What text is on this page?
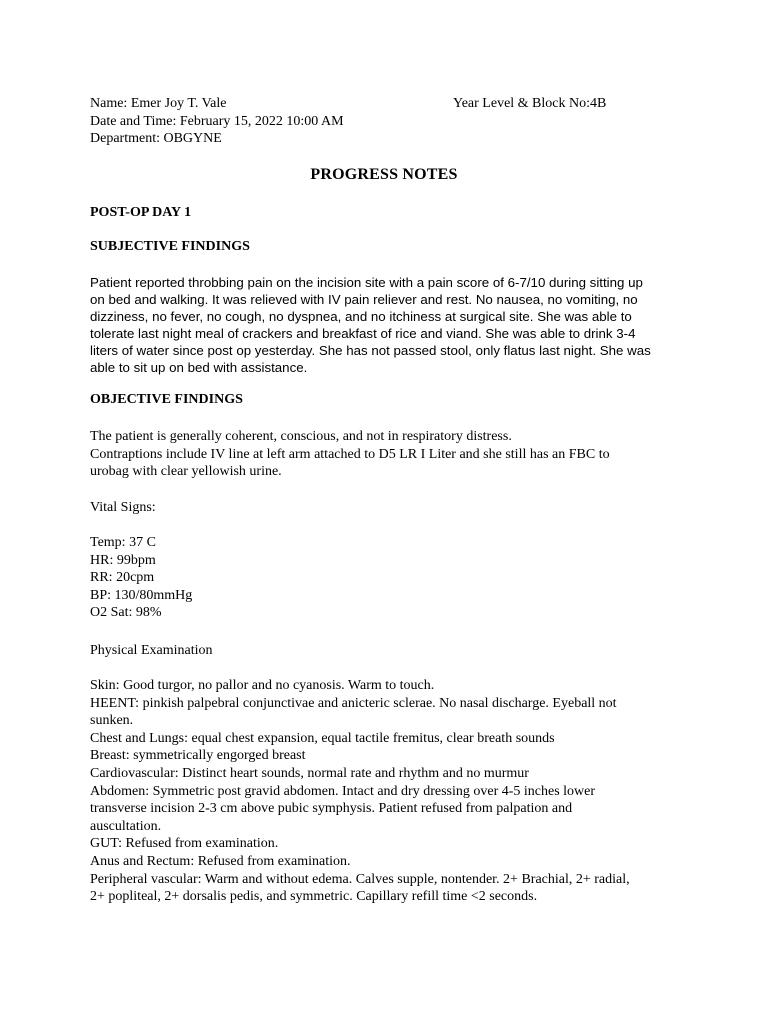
Name: Emer Joy T. Vale
Date and Time: February 15, 2022 10:00 AM
Department: OBGYNE
Year Level & Block No:4B
PROGRESS NOTES
POST-OP DAY 1
SUBJECTIVE FINDINGS
Patient reported throbbing pain on the incision site with a pain score of 6-7/10 during sitting up
on bed and walking. It was relieved with IV pain reliever and rest. No nausea, no vomiting, no
dizziness, no fever, no cough, no dyspnea, and no itchiness at surgical site. She was able to
tolerate last night meal of crackers and breakfast of rice and viand. She was able to drink 3-4
liters of water since post op yesterday. She has not passed stool, only flatus last night. She was
able to sit up on bed with assistance.
OBJECTIVE FINDINGS
The patient is generally coherent, conscious, and not in respiratory distress.
Contraptions include IV line at left arm attached to D5 LR I Liter and she still has an FBC to
urobag with clear yellowish urine.
Vital Signs:
Temp: 37 C
HR: 99bpm
RR: 20cpm
BP: 130/80mmHg
O2 Sat: 98%
Physical Examination
Skin: Good turgor, no pallor and no cyanosis. Warm to touch.
HEENT: pinkish palpebral conjunctivae and anicteric sclerae. No nasal discharge. Eyeball not
sunken.
Chest and Lungs: equal chest expansion, equal tactile fremitus, clear breath sounds
Breast: symmetrically engorged breast
Cardiovascular: Distinct heart sounds, normal rate and rhythm and no murmur
Abdomen: Symmetric post gravid abdomen. Intact and dry dressing over 4-5 inches lower
transverse incision 2-3 cm above pubic symphysis. Patient refused from palpation and
auscultation.
GUT: Refused from examination.
Anus and Rectum: Refused from examination.
Peripheral vascular: Warm and without edema. Calves supple, nontender. 2+ Brachial, 2+ radial,
2+ popliteal, 2+ dorsalis pedis, and symmetric. Capillary refill time <2 seconds.
